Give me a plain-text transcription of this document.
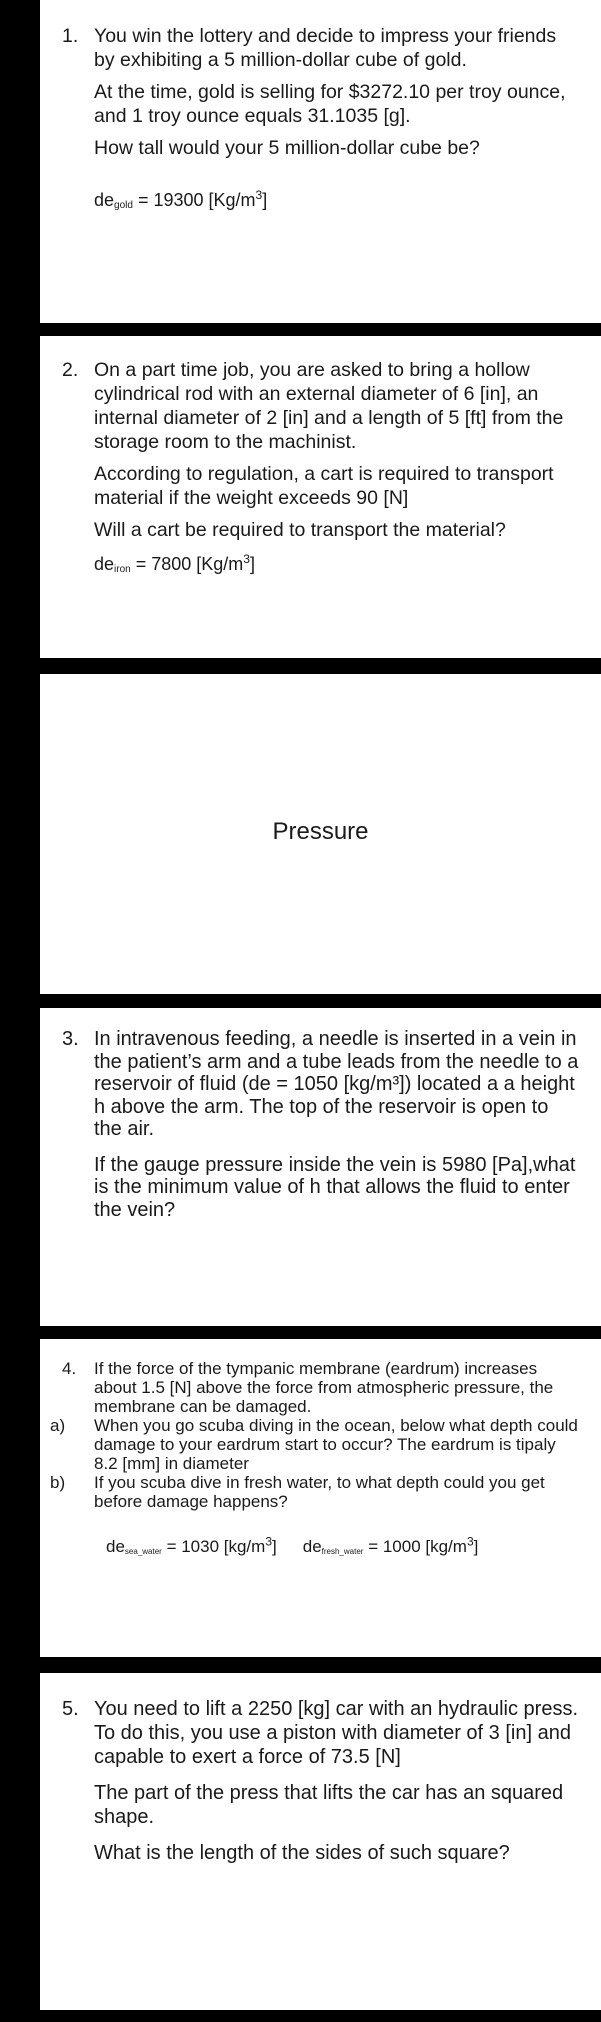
1. You win the lottery and decide to impress your friends by exhibiting a 5 million-dollar cube of gold.

At the time, gold is selling for $3272.10 per troy ounce, and 1 troy ounce equals 31.1035 [g].

How tall would your 5 million-dollar cube be?

$de_{gold} = 19300$ $[Kg/m^3]$

2. On a part time job, you are asked to bring a hollow cylindrical rod with an external diameter of 6 [in], an internal diameter of 2 [in] and a length of 5 [ft] from the storage room to the machinist.

According to regulation, a cart is required to transport material if the weight exceeds 90 [N]

Will a cart be required to transport the material?

$de_{iron} = 7800$ $[Kg/m^3]$

Pressure
3. In intravenous feeding, a needle is inserted in a vein in the patient’s arm and a tube leads from the needle to a reservoir of fluid (de = 1050 [kg/m³]) located a a height h above the arm. The top of the reservoir is open to the air.

If the gauge pressure inside the vein is 5980 [Pa],what is the minimum value of h that allows the fluid to enter the vein?

4.	If the force of the tympanic membrane (eardrum) increases about 1.5 [N] above the force from atmospheric pressure, the membrane can be damaged.
a)	When you go scuba diving in the ocean, below what depth could damage to your eardrum start to occur? The eardrum is tipaly 8.2 [mm] in diameter
b)	If you scuba dive in fresh water, to what depth could you get before damage happens?

$de_{sea\_water} = 1030$ $[kg/m^3] de_{fresh\_water} = 1000$ $[kg/m^3]$

5. You need to lift a 2250 [kg] car with an hydraulic press. To do this, you use a piston with diameter of 3 [in] and capable to exert a force of 73.5 [N]

The part of the press that lifts the car has an squared shape.

What is the length of the sides of such square?
